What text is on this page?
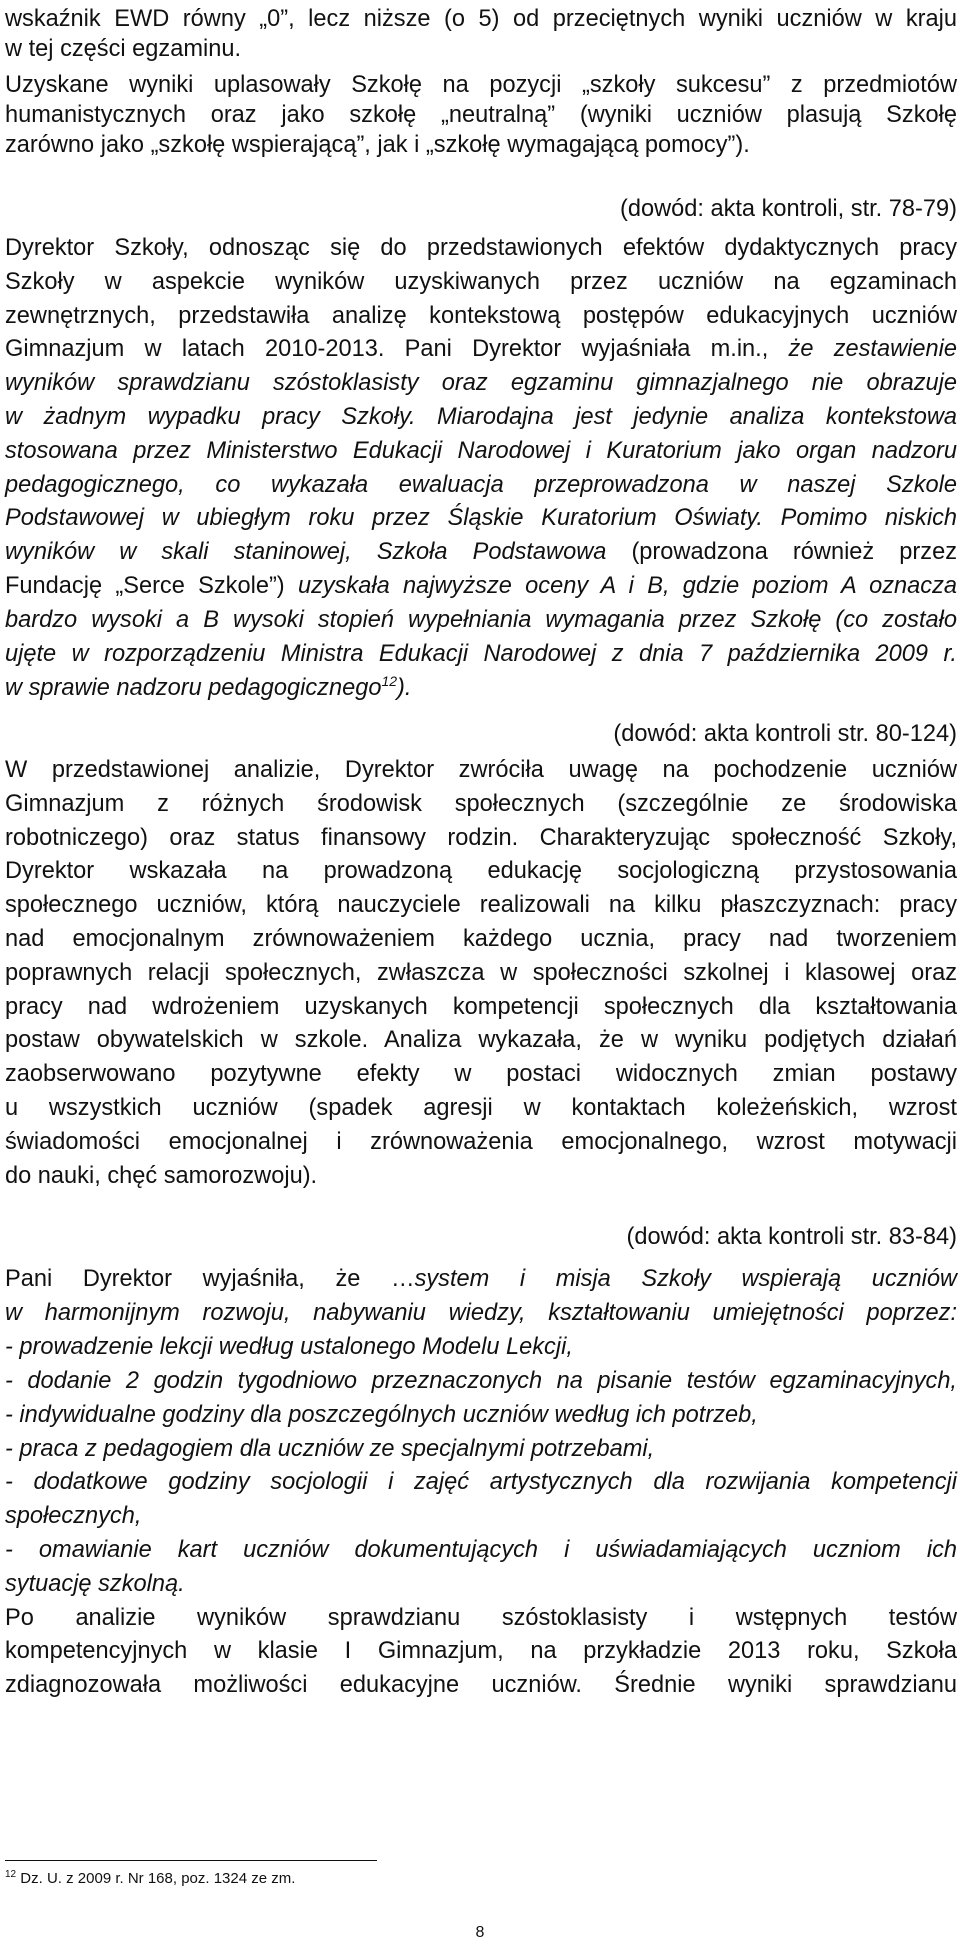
wskaźnik EWD równy „0”, lecz niższe (o 5) od przeciętnych wyniki uczniów w kraju
w tej części egzaminu.
Uzyskane wyniki uplasowały Szkołę na pozycji „szkoły sukcesu” z przedmiotów
humanistycznych oraz jako szkołę „neutralną” (wyniki uczniów plasują Szkołę
zarówno jako „szkołę wspierającą”, jak i „szkołę wymagającą pomocy”).
(dowód: akta kontroli, str. 78-79)
Dyrektor Szkoły, odnosząc się do przedstawionych efektów dydaktycznych pracy
Szkoły w aspekcie wyników uzyskiwanych przez uczniów na egzaminach
zewnętrznych, przedstawiła analizę kontekstową postępów edukacyjnych uczniów
Gimnazjum w latach 2010-2013. Pani Dyrektor wyjaśniała m.in., że zestawienie
wyników sprawdzianu szóstoklasisty oraz egzaminu gimnazjalnego nie obrazuje
w żadnym wypadku pracy Szkoły. Miarodajna jest jedynie analiza kontekstowa
stosowana przez Ministerstwo Edukacji Narodowej i Kuratorium jako organ nadzoru
pedagogicznego, co wykazała ewaluacja przeprowadzona w naszej Szkole
Podstawowej w ubiegłym roku przez Śląskie Kuratorium Oświaty. Pomimo niskich
wyników w skali staninowej, Szkoła Podstawowa (prowadzona również przez
Fundację „Serce Szkole”) uzyskała najwyższe oceny A i B, gdzie poziom A oznacza
bardzo wysoki a B wysoki stopień wypełniania wymagania przez Szkołę (co zostało
ujęte w rozporządzeniu Ministra Edukacji Narodowej z dnia 7 października 2009 r.
w sprawie nadzoru pedagogicznego$^{12}$).
(dowód: akta kontroli str. 80-124)
W przedstawionej analizie, Dyrektor zwróciła uwagę na pochodzenie uczniów
Gimnazjum z różnych środowisk społecznych (szczególnie ze środowiska
robotniczego) oraz status finansowy rodzin. Charakteryzując społeczność Szkoły,
Dyrektor wskazała na prowadzoną edukację socjologiczną przystosowania
społecznego uczniów, którą nauczyciele realizowali na kilku płaszczyznach: pracy
nad emocjonalnym zrównoważeniem każdego ucznia, pracy nad tworzeniem
poprawnych relacji społecznych, zwłaszcza w społeczności szkolnej i klasowej oraz
pracy nad wdrożeniem uzyskanych kompetencji społecznych dla kształtowania
postaw obywatelskich w szkole. Analiza wykazała, że w wyniku podjętych działań
zaobserwowano pozytywne efekty w postaci widocznych zmian postawy
u wszystkich uczniów (spadek agresji w kontaktach koleżeńskich, wzrost
świadomości emocjonalnej i zrównoważenia emocjonalnego, wzrost motywacji
do nauki, chęć samorozwoju).
(dowód: akta kontroli str. 83-84)
Pani Dyrektor wyjaśniła, że …system i misja Szkoły wspierają uczniów
w harmonijnym rozwoju, nabywaniu wiedzy, kształtowaniu umiejętności poprzez:
- prowadzenie lekcji według ustalonego Modelu Lekcji,
- dodanie 2 godzin tygodniowo przeznaczonych na pisanie testów egzaminacyjnych,
- indywidualne godziny dla poszczególnych uczniów według ich potrzeb,
- praca z pedagogiem dla uczniów ze specjalnymi potrzebami,
- dodatkowe godziny socjologii i zajęć artystycznych dla rozwijania kompetencji
społecznych,
- omawianie kart uczniów dokumentujących i uświadamiających uczniom ich
sytuację szkolną.
Po analizie wyników sprawdzianu szóstoklasisty i wstępnych testów
kompetencyjnych w klasie I Gimnazjum, na przykładzie 2013 roku, Szkoła
zdiagnozowała możliwości edukacyjne uczniów. Średnie wyniki sprawdzianu
$^{12}$ Dz. U. z 2009 r. Nr 168, poz. 1324 ze zm.
8
